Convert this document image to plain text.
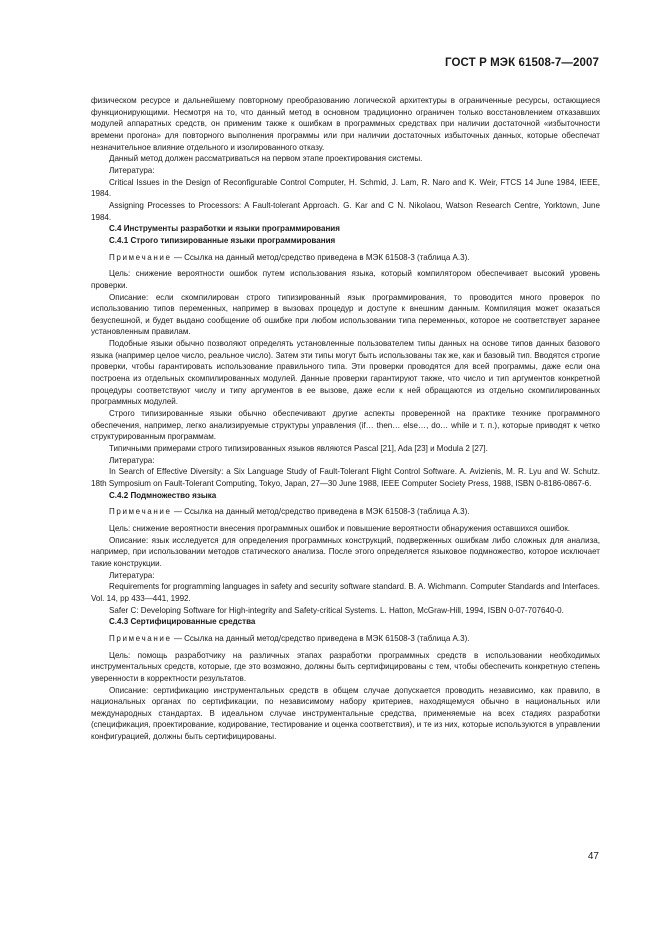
ГОСТ Р МЭК 61508-7—2007

физическом ресурсе и дальнейшему повторному преобразованию логической архитектуры в ограниченные ресурсы, остающиеся функционирующими. Несмотря на то, что данный метод в основном традиционно ограничен только восстановлением отказавших модулей аппаратных средств, он применим также к ошибкам в программных средствах при наличии достаточной «избыточности времени прогона» для повторного выполнения программы или при наличии достаточных избыточных данных, которые обеспечат незначительное влияние отдельного и изолированного отказу.

Данный метод должен рассматриваться на первом этапе проектирования системы.

Литература:

Critical Issues in the Design of Reconfigurable Control Computer, H. Schmid, J. Lam, R. Naro and K. Weir, FTCS 14 June 1984, IEEE, 1984.

Assigning Processes to Processors: A Fault-tolerant Approach. G. Kar and C N. Nikolaou, Watson Research Centre, Yorktown, June 1984.

С.4 Инструменты разработки и языки программирования

С.4.1 Строго типизированные языки программирования

Примечание — Ссылка на данный метод/средство приведена в МЭК 61508-3 (таблица А.3).

Цель: снижение вероятности ошибок путем использования языка, который компилятором обеспечивает высокий уровень проверки.

Описание: если скомпилирован строго типизированный язык программирования, то проводится много проверок по использованию типов переменных, например в вызовах процедур и доступе к внешним данным. Компиляция может оказаться безуспешной, и будет выдано сообщение об ошибке при любом использовании типа переменных, которое не соответствует заранее установленным правилам.

Подобные языки обычно позволяют определять установленные пользователем типы данных на основе типов данных базового языка (например целое число, реальное число). Затем эти типы могут быть использованы так же, как и базовый тип. Вводятся строгие проверки, чтобы гарантировать использование правильного типа. Эти проверки проводятся для всей программы, даже если она построена из отдельных скомпилированных модулей. Данные проверки гарантируют также, что число и тип аргументов конкретной процедуры соответствуют числу и типу аргументов в ее вызове, даже если к ней обращаются из отдельно скомпилированных программных модулей.

Строго типизированные языки обычно обеспечивают другие аспекты проверенной на практике технике программного обеспечения, например, легко анализируемые структуры управления (if… then… else…, do… while и т. п.), которые приводят к четко структурированным программам.

Типичными примерами строго типизированных языков являются Pascal [21], Ada [23] и Modula 2 [27].

Литература:

In Search of Effective Diversity: a Six Language Study of Fault-Tolerant Flight Control Software. A. Avizienis, M. R. Lyu and W. Schutz. 18th Symposium on Fault-Tolerant Computing, Tokyo, Japan, 27—30 June 1988, IEEE Computer Society Press, 1988, ISBN 0-8186-0867-6.

С.4.2 Подмножество языка

Примечание — Ссылка на данный метод/средство приведена в МЭК 61508-3 (таблица А.3).

Цель: снижение вероятности внесения программных ошибок и повышение вероятности обнаружения оставшихся ошибок.

Описание: язык исследуется для определения программных конструкций, подверженных ошибкам либо сложных для анализа, например, при использовании методов статического анализа. После этого определяется языковое подмножество, которое исключает такие конструкции.

Литература:

Requirements for programming languages in safety and security software standard. B. A. Wichmann. Computer Standards and Interfaces. Vol. 14, pp 433—441, 1992.

Safer C: Developing Software for High-integrity and Safety-critical Systems. L. Hatton, McGraw-Hill, 1994, ISBN 0-07-707640-0.

С.4.3 Сертифицированные средства

Примечание — Ссылка на данный метод/средство приведена в МЭК 61508-3 (таблица А.3).

Цель: помощь разработчику на различных этапах разработки программных средств в использовании необходимых инструментальных средств, которые, где это возможно, должны быть сертифицированы с тем, чтобы обеспечить конкретную степень уверенности в корректности результатов.

Описание: сертификацию инструментальных средств в общем случае допускается проводить независимо, как правило, в национальных органах по сертификации, по независимому набору критериев, находящемуся обычно в национальных или международных стандартах. В идеальном случае инструментальные средства, применяемые на всех стадиях разработки (спецификация, проектирование, кодирование, тестирование и оценка соответствия), и те из них, которые используются в управлении конфигурацией, должны быть сертифицированы.

47
